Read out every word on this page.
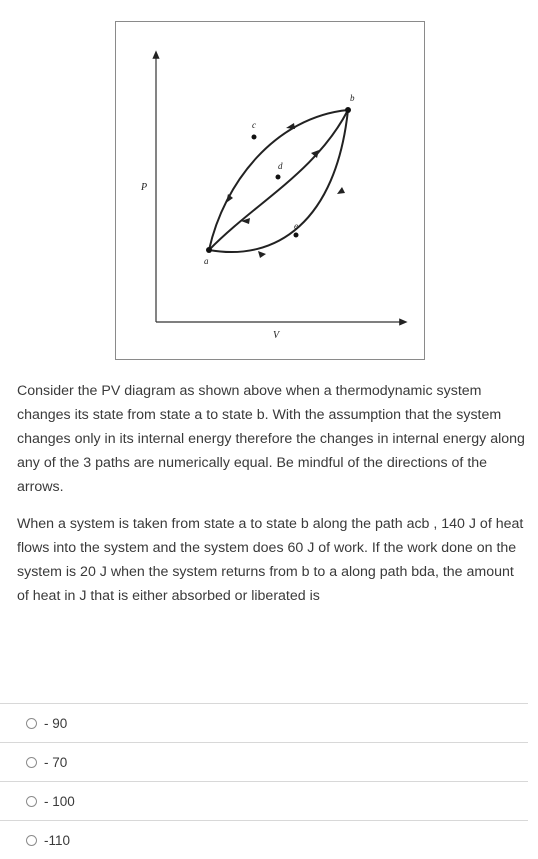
a
b
c
d
e
P
V
Consider the PV diagram as shown above when a thermodynamic system changes its state from state a to state b. With the assumption that the system changes only in its internal energy therefore the changes in internal energy along any of the 3 paths are numerically equal. Be mindful of the directions of the arrows.
When a system is taken from state a to state b along the path acb , 140 J of heat flows into the system and the system does 60 J of work. If the work done on the system is 20 J when the system returns from b to a along path bda, the amount of heat in J that is either absorbed or liberated is
- 90
- 70
- 100
-110
